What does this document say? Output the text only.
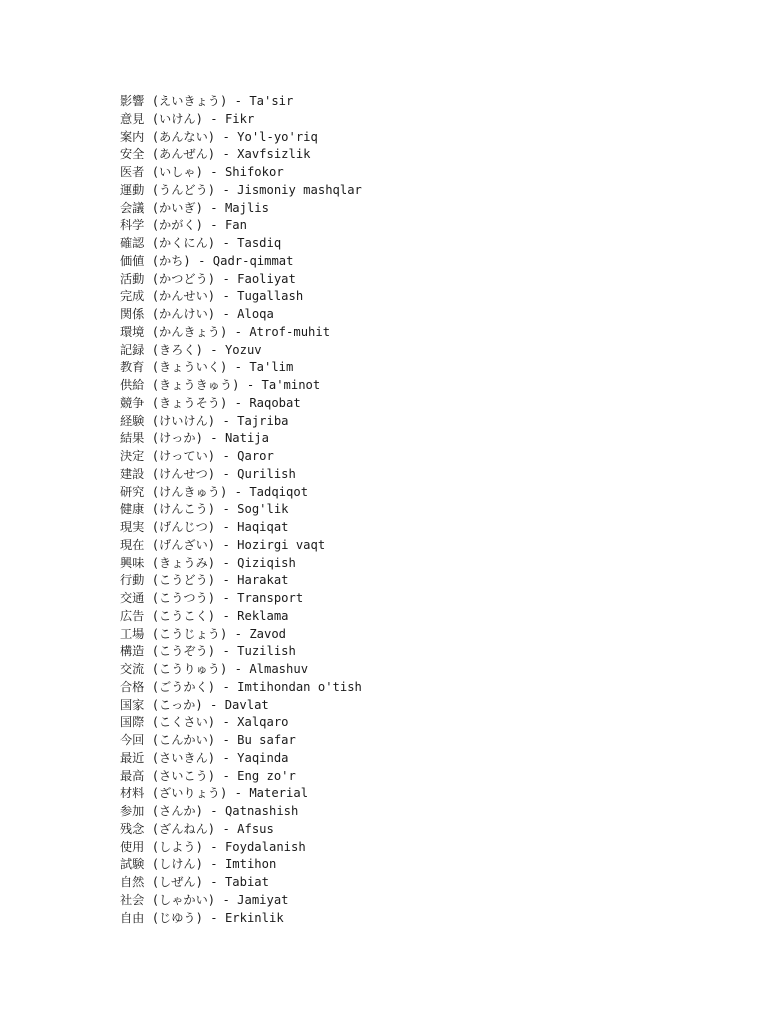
影響 (えいきょう) - Ta'sir
意見 (いけん) - Fikr
案内 (あんない) - Yo'l-yo'riq
安全 (あんぜん) - Xavfsizlik
医者 (いしゃ) - Shifokor
運動 (うんどう) - Jismoniy mashqlar
会議 (かいぎ) - Majlis
科学 (かがく) - Fan
確認 (かくにん) - Tasdiq
価値 (かち) - Qadr-qimmat
活動 (かつどう) - Faoliyat
完成 (かんせい) - Tugallash
関係 (かんけい) - Aloqa
環境 (かんきょう) - Atrof-muhit
記録 (きろく) - Yozuv
教育 (きょういく) - Ta'lim
供給 (きょうきゅう) - Ta'minot
競争 (きょうそう) - Raqobat
経験 (けいけん) - Tajriba
結果 (けっか) - Natija
決定 (けってい) - Qaror
建設 (けんせつ) - Qurilish
研究 (けんきゅう) - Tadqiqot
健康 (けんこう) - Sog'lik
現実 (げんじつ) - Haqiqat
現在 (げんざい) - Hozirgi vaqt
興味 (きょうみ) - Qiziqish
行動 (こうどう) - Harakat
交通 (こうつう) - Transport
広告 (こうこく) - Reklama
工場 (こうじょう) - Zavod
構造 (こうぞう) - Tuzilish
交流 (こうりゅう) - Almashuv
合格 (ごうかく) - Imtihondan o'tish
国家 (こっか) - Davlat
国際 (こくさい) - Xalqaro
今回 (こんかい) - Bu safar
最近 (さいきん) - Yaqinda
最高 (さいこう) - Eng zo'r
材料 (ざいりょう) - Material
参加 (さんか) - Qatnashish
残念 (ざんねん) - Afsus
使用 (しよう) - Foydalanish
試験 (しけん) - Imtihon
自然 (しぜん) - Tabiat
社会 (しゃかい) - Jamiyat
自由 (じゆう) - Erkinlik
